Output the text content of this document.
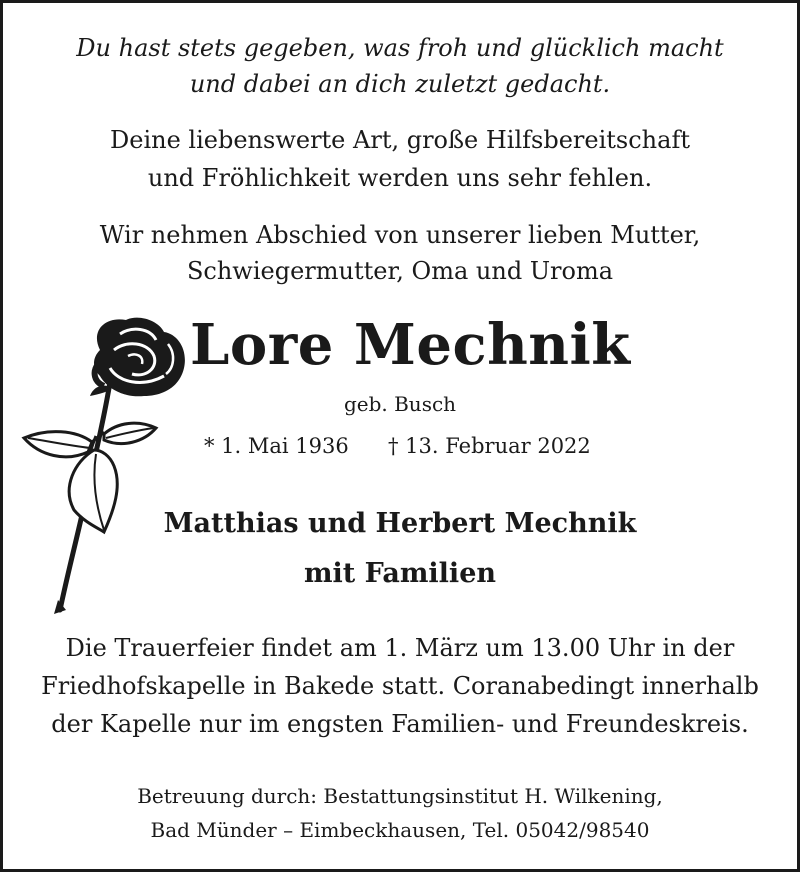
Du hast stets gegeben, was froh und glücklich macht
und dabei an dich zuletzt gedacht.
Deine liebenswerte Art, große Hilfsbereitschaft
und Fröhlichkeit werden uns sehr fehlen.
Wir nehmen Abschied von unserer lieben Mutter,
Schwiegermutter, Oma und Uroma
Lore Mechnik
geb. Busch
* 1. Mai 1936 † 13. Februar 2022
Matthias und Herbert Mechnik
mit Familien
Die Trauerfeier findet am 1. März um 13.00 Uhr in der
Friedhofskapelle in Bakede statt. Coranabedingt innerhalb
der Kapelle nur im engsten Familien- und Freundeskreis.
Betreuung durch: Bestattungsinstitut H. Wilkening,
Bad Münder – Eimbeckhausen, Tel. 05042/98540
